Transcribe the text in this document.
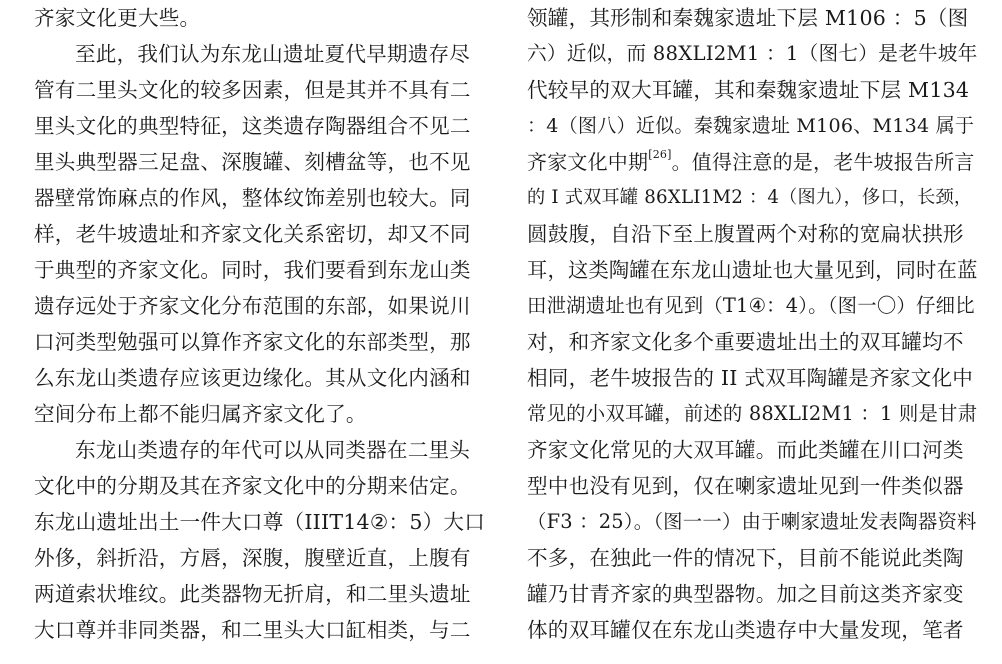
齐家文化更大些。
至此，我们认为东龙山遗址夏代早期遗存尽
管有二里头文化的较多因素，但是其并不具有二
里头文化的典型特征，这类遗存陶器组合不见二
里头典型器三足盘、深腹罐、刻槽盆等，也不见
器壁常饰麻点的作风，整体纹饰差别也较大。同
样，老牛坡遗址和齐家文化关系密切，却又不同
于典型的齐家文化。同时，我们要看到东龙山类
遗存远处于齐家文化分布范围的东部，如果说川
口河类型勉强可以算作齐家文化的东部类型，那
么东龙山类遗存应该更边缘化。其从文化内涵和
空间分布上都不能归属齐家文化了。
东龙山类遗存的年代可以从同类器在二里头
文化中的分期及其在齐家文化中的分期来估定。
东龙山遗址出土一件大口尊（IIIT14②：5）大口
外侈，斜折沿，方唇，深腹，腹壁近直，上腹有
两道索状堆纹。此类器物无折肩，和二里头遗址
大口尊并非同类器，和二里头大口缸相类，与二
领罐，其形制和秦魏家遗址下层 M106 ：5（图
六）近似，而 88XLI2M1 ：1（图七）是老牛坡年
代较早的双大耳罐，其和秦魏家遗址下层 M134
：4（图八）近似。秦魏家遗址 M106、M134 属于
齐家文化中期[26]。值得注意的是，老牛坡报告所言
的 I 式双耳罐 86XLI1M2 ：4（图九），侈口，长颈，
圆鼓腹，自沿下至上腹置两个对称的宽扁状拱形
耳，这类陶罐在东龙山遗址也大量见到，同时在蓝
田泄湖遗址也有见到（T1④：4）。（图一〇）仔细比
对，和齐家文化多个重要遗址出土的双耳罐均不
相同，老牛坡报告的 II 式双耳陶罐是齐家文化中
常见的小双耳罐，前述的 88XLI2M1 ：1 则是甘肃
齐家文化常见的大双耳罐。而此类罐在川口河类
型中也没有见到，仅在喇家遗址见到一件类似器
（F3 ：25）。（图一一）由于喇家遗址发表陶器资料
不多，在独此一件的情况下，目前不能说此类陶
罐乃甘青齐家的典型器物。加之目前这类齐家变
体的双耳罐仅在东龙山类遗存中大量发现，笔者
